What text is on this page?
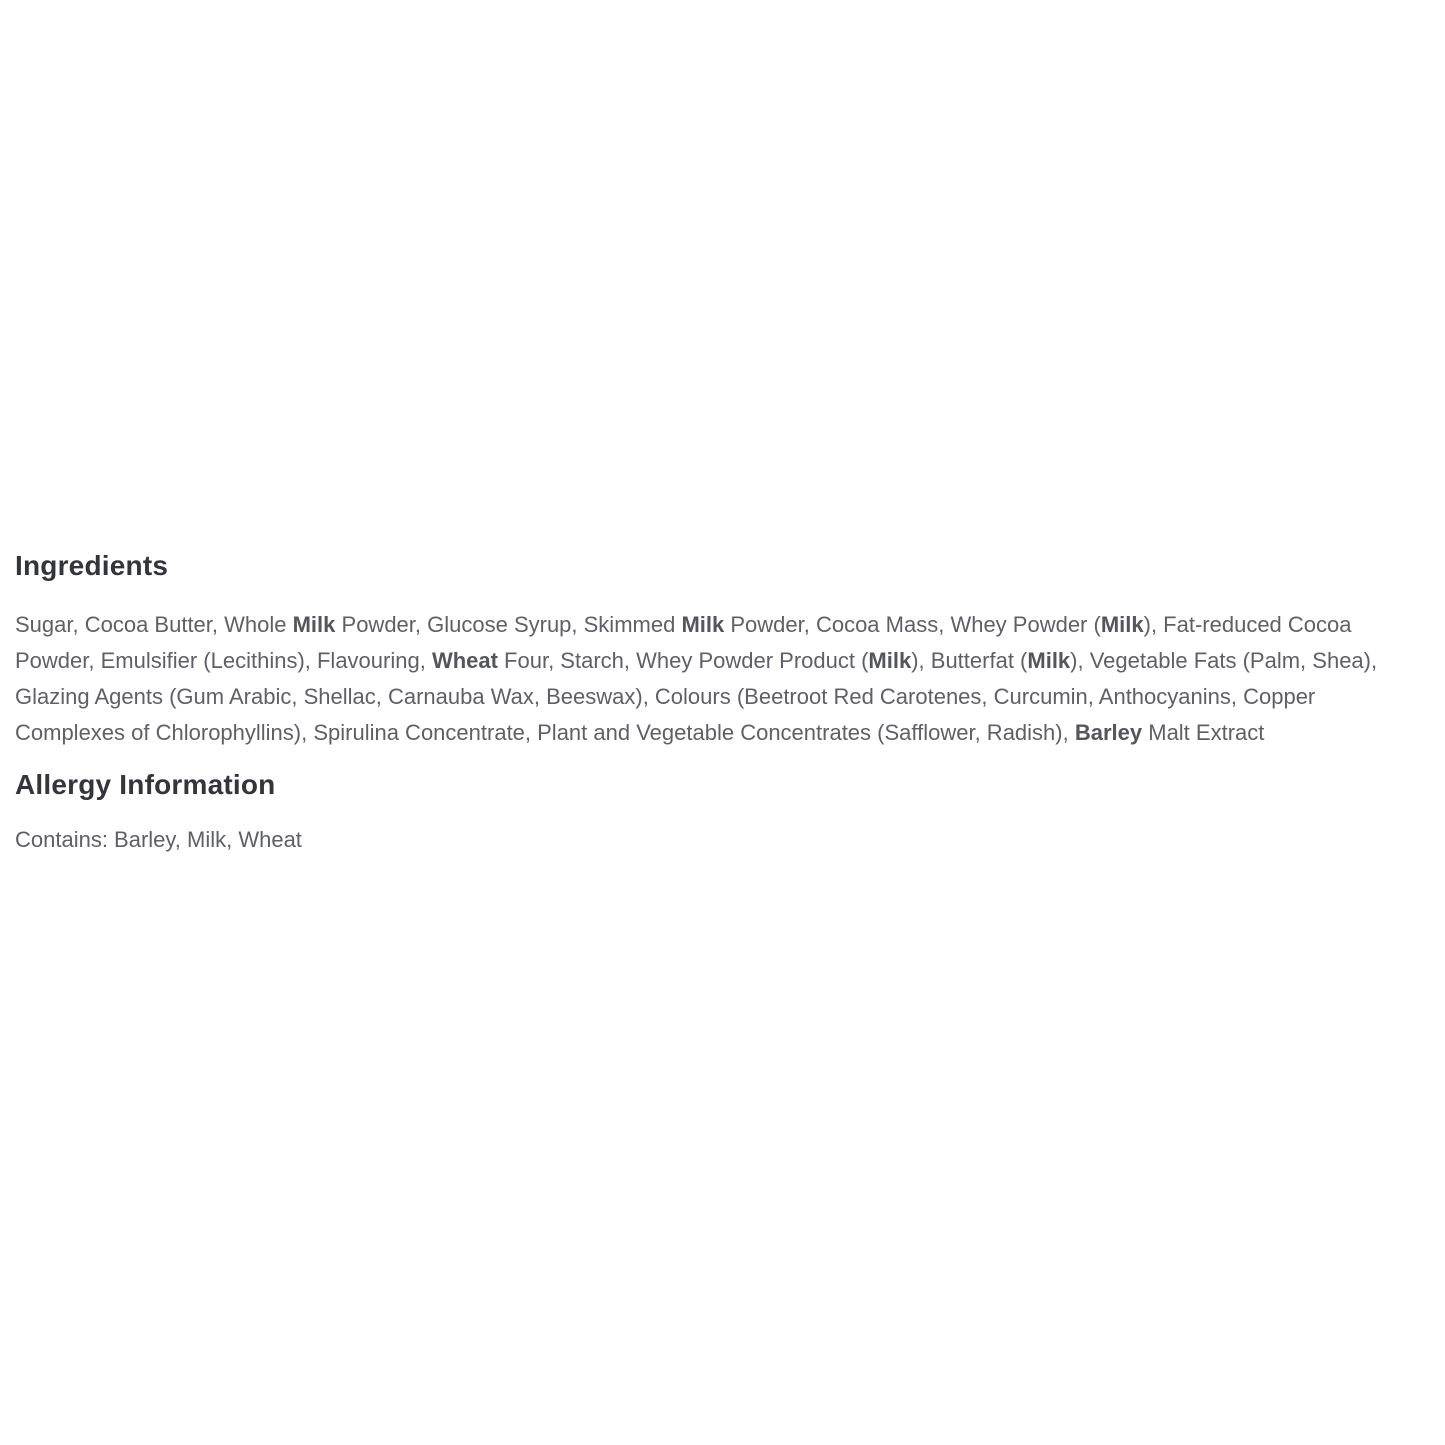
Ingredients

Sugar, Cocoa Butter, Whole Milk Powder, Glucose Syrup, Skimmed Milk Powder, Cocoa Mass, Whey Powder (Milk), Fat-reduced Cocoa Powder, Emulsifier (Lecithins), Flavouring, Wheat Four, Starch, Whey Powder Product (Milk), Butterfat (Milk), Vegetable Fats (Palm, Shea), Glazing Agents (Gum Arabic, Shellac, Carnauba Wax, Beeswax), Colours (Beetroot Red Carotenes, Curcumin, Anthocyanins, Copper Complexes of Chlorophyllins), Spirulina Concentrate, Plant and Vegetable Concentrates (Safflower, Radish), Barley Malt Extract

Allergy Information

Contains: Barley, Milk, Wheat
